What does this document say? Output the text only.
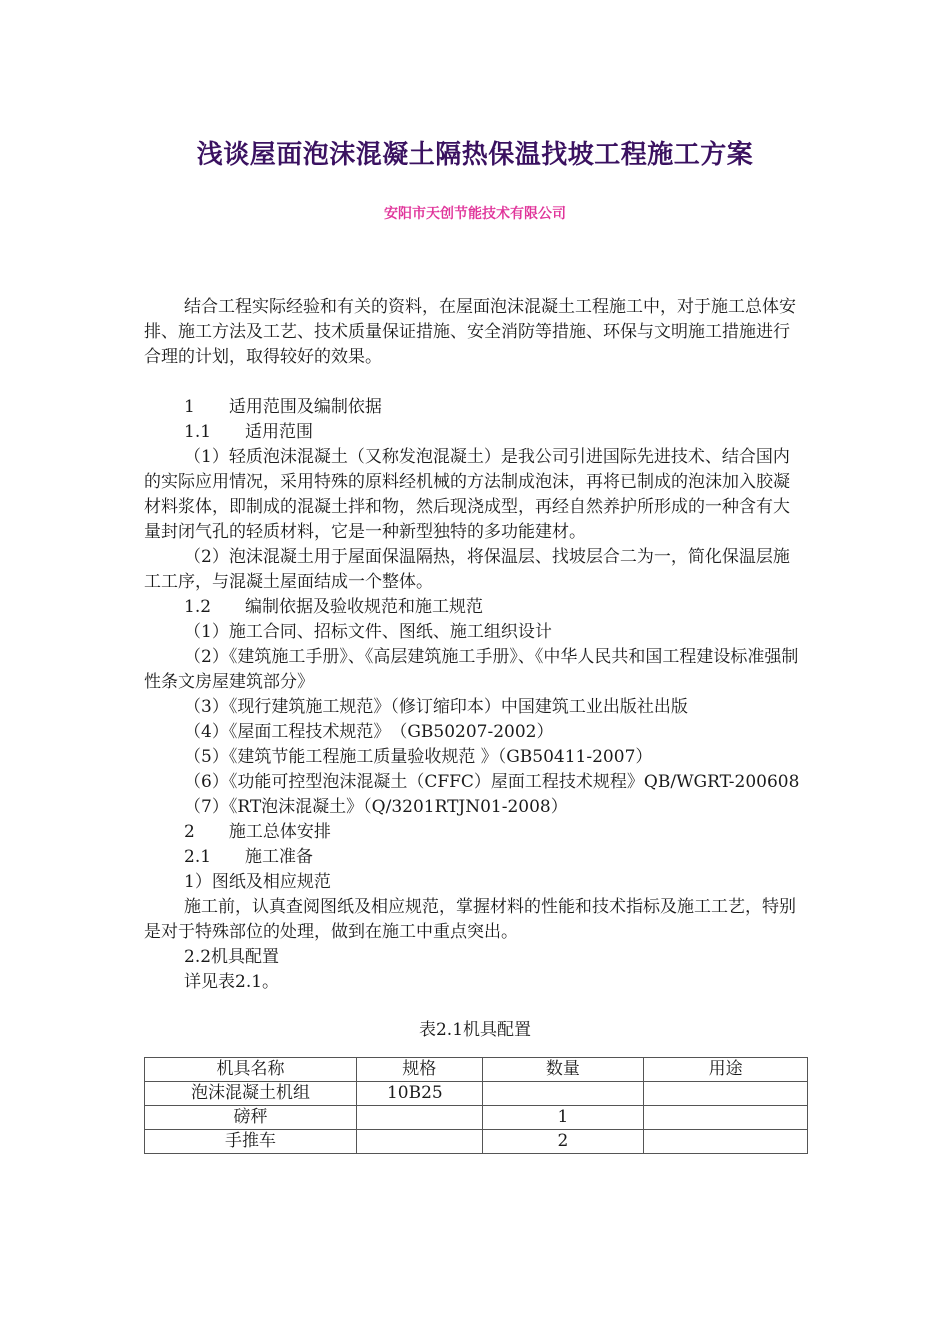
浅谈屋面泡沫混凝土隔热保温找坡工程施工方案
安阳市天创节能技术有限公司

结合工程实际经验和有关的资料，在屋面泡沫混凝土工程施工中，对于施工总体安排、施工方法及工艺、技术质量保证措施、安全消防等措施、环保与文明施工措施进行合理的计划，取得较好的效果。

1　　适用范围及编制依据

1.1　　适用范围

（1）轻质泡沫混凝土（又称发泡混凝土）是我公司引进国际先进技术、结合国内的实际应用情况，采用特殊的原料经机械的方法制成泡沫，再将已制成的泡沫加入胶凝材料浆体，即制成的混凝土拌和物，然后现浇成型，再经自然养护所形成的一种含有大量封闭气孔的轻质材料，它是一种新型独特的多功能建材。

（2）泡沫混凝土用于屋面保温隔热，将保温层、找坡层合二为一，简化保温层施工工序，与混凝土屋面结成一个整体。

1.2　　编制依据及验收规范和施工规范

（1）施工合同、招标文件、图纸、施工组织设计

（2）《建筑施工手册》、《高层建筑施工手册》、《中华人民共和国工程建设标准强制性条文房屋建筑部分》

（3）《现行建筑施工规范》（修订缩印本）中国建筑工业出版社出版

（4）《屋面工程技术规范》　（GB50207-2002）

（5）《建筑节能工程施工质量验收规范 》（GB50411-2007）

（6）《功能可控型泡沫混凝土（CFFC）屋面工程技术规程》QB/WGRT-200608

（7）《RT泡沫混凝土》（Q/3201RTJN01-2008）

2　　施工总体安排

2.1　　施工准备

1）图纸及相应规范

施工前，认真查阅图纸及相应规范，掌握材料的性能和技术指标及施工工艺，特别是对于特殊部位的处理，做到在施工中重点突出。

2.2机具配置

详见表2.1。

表2.1机具配置
机具名称	规格	数量	用途
泡沫混凝土机组	10B25		
磅秤		1	
手推车		2	
